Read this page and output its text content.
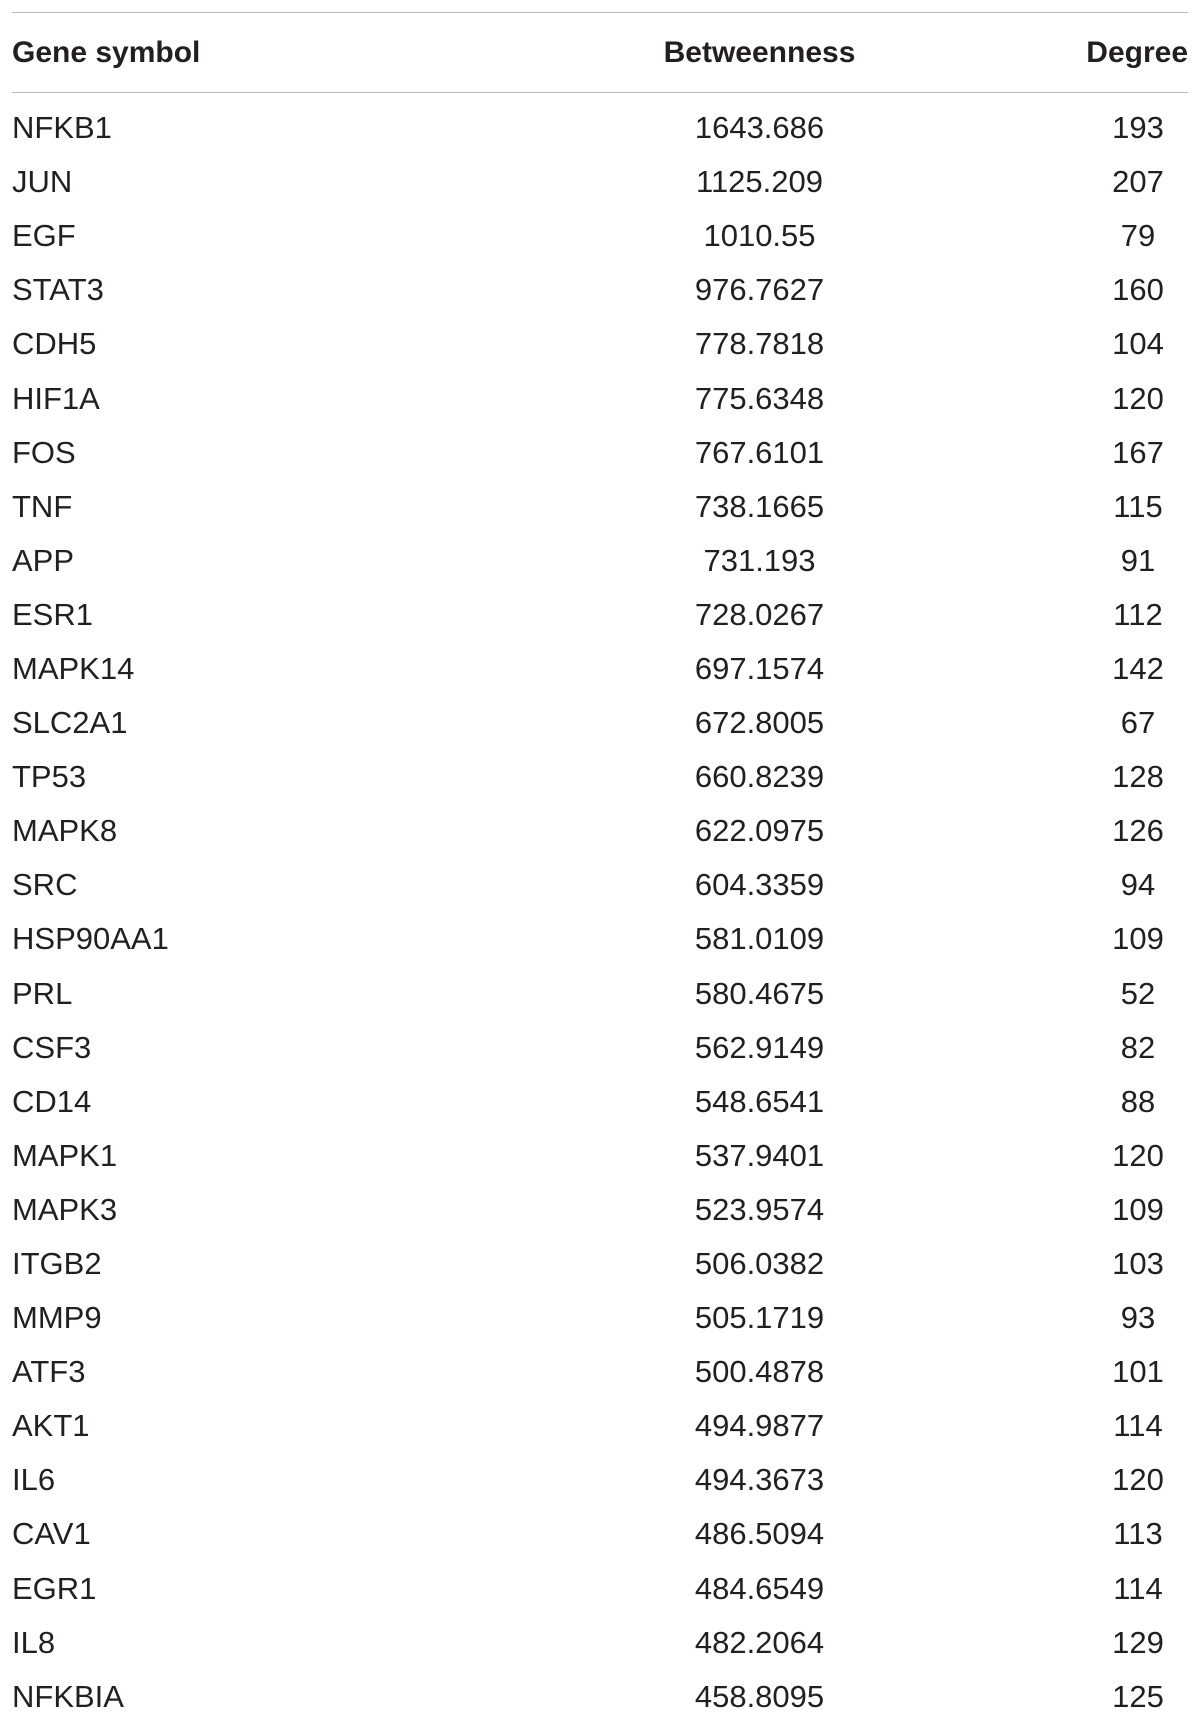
Gene symbol	Betweenness	Degree
NFKB1	1643.686	193
JUN	1125.209	207
EGF	1010.55	79
STAT3	976.7627	160
CDH5	778.7818	104
HIF1A	775.6348	120
FOS	767.6101	167
TNF	738.1665	115
APP	731.193	91
ESR1	728.0267	112
MAPK14	697.1574	142
SLC2A1	672.8005	67
TP53	660.8239	128
MAPK8	622.0975	126
SRC	604.3359	94
HSP90AA1	581.0109	109
PRL	580.4675	52
CSF3	562.9149	82
CD14	548.6541	88
MAPK1	537.9401	120
MAPK3	523.9574	109
ITGB2	506.0382	103
MMP9	505.1719	93
ATF3	500.4878	101
AKT1	494.9877	114
IL6	494.3673	120
CAV1	486.5094	113
EGR1	484.6549	114
IL8	482.2064	129
NFKBIA	458.8095	125
